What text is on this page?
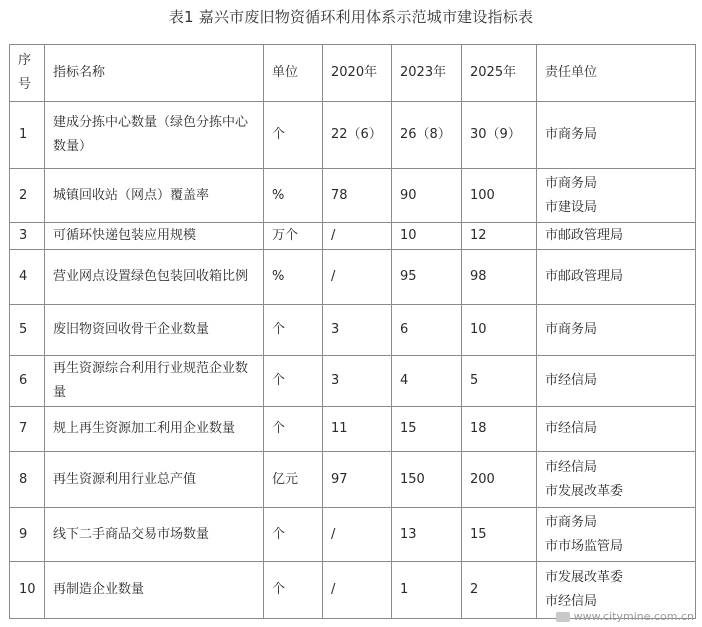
表1 嘉兴市废旧物资循环利用体系示范城市建设指标表
序号	指标名称	单位	2020年	2023年	2025年	责任单位
1	建成分拣中心数量（绿色分拣中心数量）	个	22（6）	26（8）	30（9）	市商务局

2	城镇回收站（网点）覆盖率	%	78	90	100	市商务局
市建设局

3	可循环快递包装应用规模	万个	/	10	12	市邮政管理局

4	营业网点设置绿色包装回收箱比例	%	/	95	98	市邮政管理局

5	废旧物资回收骨干企业数量	个	3	6	10	市商务局

6	再生资源综合利用行业规范企业数量	个	3	4	5	市经信局

7	规上再生资源加工利用企业数量	个	11	15	18	市经信局

8	再生资源利用行业总产值	亿元	97	150	200	市经信局
市发展改革委

9	线下二手商品交易市场数量	个	/	13	15	市商务局
市市场监管局

10	再制造企业数量	个	/	1	2	市发展改革委
市经信局
www.citymine.com.cn
